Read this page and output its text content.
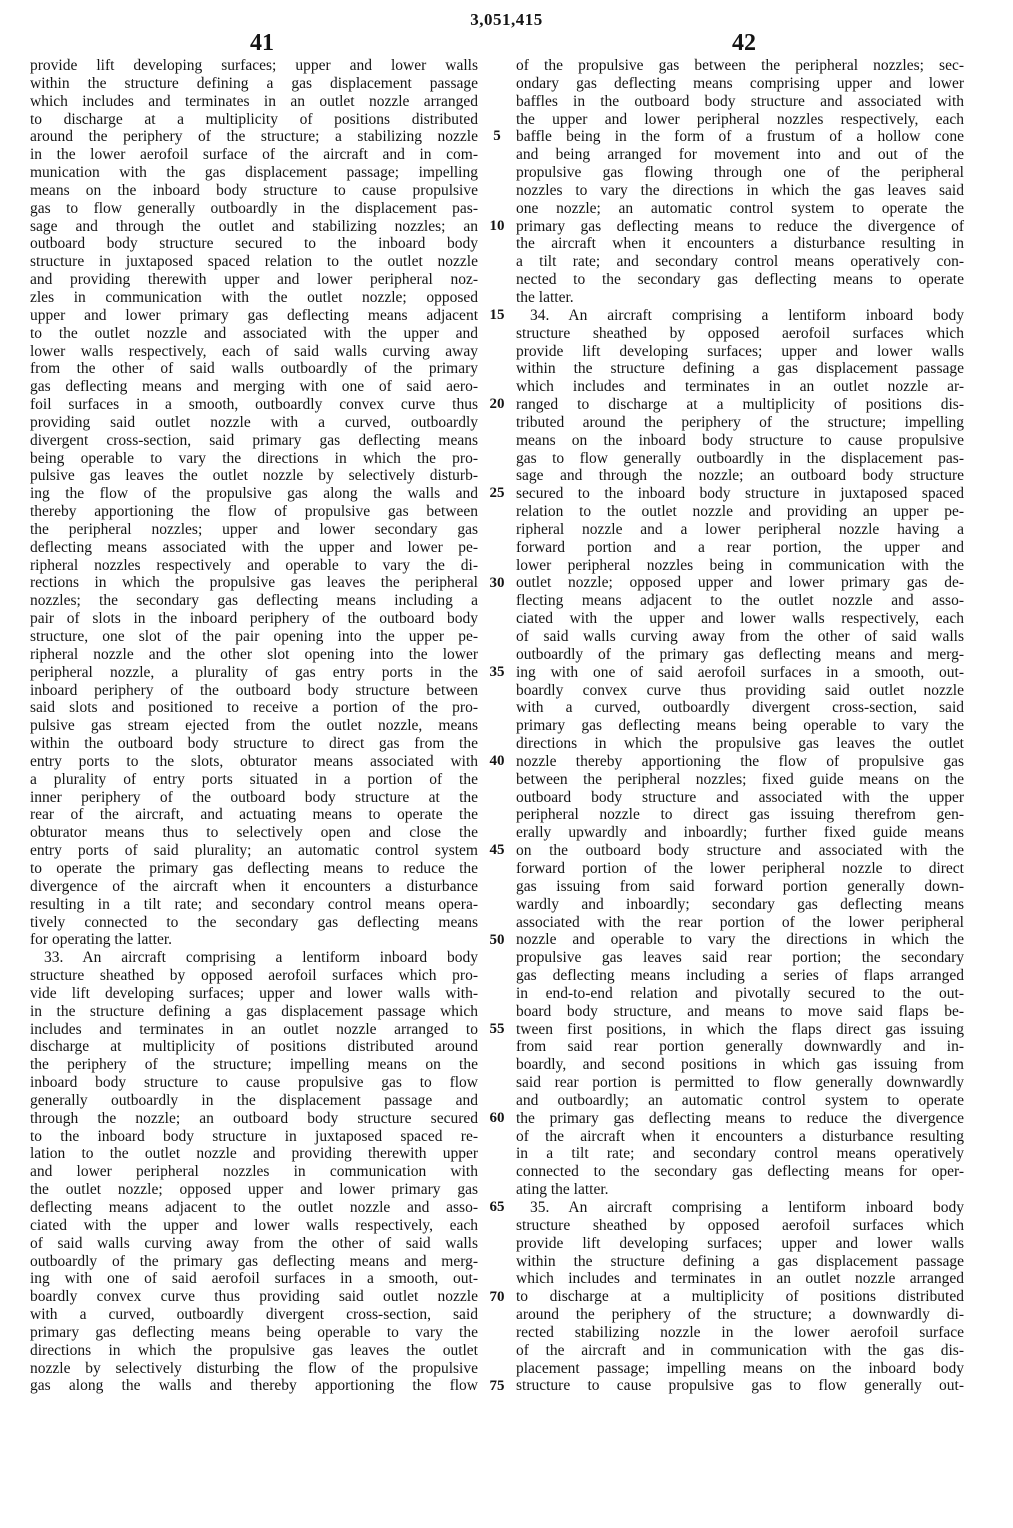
3,051,415
41	42
provide lift developing surfaces; upper and lower walls
within the structure defining a gas displacement passage
which includes and terminates in an outlet nozzle arranged
to discharge at a multiplicity of positions distributed
around the periphery of the structure; a stabilizing nozzle
in the lower aerofoil surface of the aircraft and in com-
munication with the gas displacement passage; impelling
means on the inboard body structure to cause propulsive
gas to flow generally outboardly in the displacement pas-
sage and through the outlet and stabilizing nozzles; an
outboard body structure secured to the inboard body
structure in juxtaposed spaced relation to the outlet nozzle
and providing therewith upper and lower peripheral noz-
zles in communication with the outlet nozzle; opposed
upper and lower primary gas deflecting means adjacent
to the outlet nozzle and associated with the upper and
lower walls respectively, each of said walls curving away
from the other of said walls outboardly of the primary
gas deflecting means and merging with one of said aero-
foil surfaces in a smooth, outboardly convex curve thus
providing said outlet nozzle with a curved, outboardly
divergent cross-section, said primary gas deflecting means
being operable to vary the directions in which the pro-
pulsive gas leaves the outlet nozzle by selectively disturb-
ing the flow of the propulsive gas along the walls and
thereby apportioning the flow of propulsive gas between
the peripheral nozzles; upper and lower secondary gas
deflecting means associated with the upper and lower pe-
ripheral nozzles respectively and operable to vary the di-
rections in which the propulsive gas leaves the peripheral
nozzles; the secondary gas deflecting means including a
pair of slots in the inboard periphery of the outboard body
structure, one slot of the pair opening into the upper pe-
ripheral nozzle and the other slot opening into the lower
peripheral nozzle, a plurality of gas entry ports in the
inboard periphery of the outboard body structure between
said slots and positioned to receive a portion of the pro-
pulsive gas stream ejected from the outlet nozzle, means
within the outboard body structure to direct gas from the
entry ports to the slots, obturator means associated with
a plurality of entry ports situated in a portion of the
inner periphery of the outboard body structure at the
rear of the aircraft, and actuating means to operate the
obturator means thus to selectively open and close the
entry ports of said plurality; an automatic control system
to operate the primary gas deflecting means to reduce the
divergence of the aircraft when it encounters a disturbance
resulting in a tilt rate; and secondary control means opera-
tively connected to the secondary gas deflecting means
for operating the latter.
33. An aircraft comprising a lentiform inboard body
structure sheathed by opposed aerofoil surfaces which pro-
vide lift developing surfaces; upper and lower walls with-
in the structure defining a gas displacement passage which
includes and terminates in an outlet nozzle arranged to
discharge at multiplicity of positions distributed around
the periphery of the structure; impelling means on the
inboard body structure to cause propulsive gas to flow
generally outboardly in the displacement passage and
through the nozzle; an outboard body structure secured
to the inboard body structure in juxtaposed spaced re-
lation to the outlet nozzle and providing therewith upper
and lower peripheral nozzles in communication with
the outlet nozzle; opposed upper and lower primary gas
deflecting means adjacent to the outlet nozzle and asso-
ciated with the upper and lower walls respectively, each
of said walls curving away from the other of said walls
outboardly of the primary gas deflecting means and merg-
ing with one of said aerofoil surfaces in a smooth, out-
boardly convex curve thus providing said outlet nozzle
with a curved, outboardly divergent cross-section, said
primary gas deflecting means being operable to vary the
directions in which the propulsive gas leaves the outlet
nozzle by selectively disturbing the flow of the propulsive
gas along the walls and thereby apportioning the flow
5
10
15
20
25
30
35
40
45
50
55
60
65
70
75
of the propulsive gas between the peripheral nozzles; sec-
ondary gas deflecting means comprising upper and lower
baffles in the outboard body structure and associated with
the upper and lower peripheral nozzles respectively, each
baffle being in the form of a frustum of a hollow cone
and being arranged for movement into and out of the
propulsive gas flowing through one of the peripheral
nozzles to vary the directions in which the gas leaves said
one nozzle; an automatic control system to operate the
primary gas deflecting means to reduce the divergence of
the aircraft when it encounters a disturbance resulting in
a tilt rate; and secondary control means operatively con-
nected to the secondary gas deflecting means to operate
the latter.
34. An aircraft comprising a lentiform inboard body
structure sheathed by opposed aerofoil surfaces which
provide lift developing surfaces; upper and lower walls
within the structure defining a gas displacement passage
which includes and terminates in an outlet nozzle ar-
ranged to discharge at a multiplicity of positions dis-
tributed around the periphery of the structure; impelling
means on the inboard body structure to cause propulsive
gas to flow generally outboardly in the displacement pas-
sage and through the nozzle; an outboard body structure
secured to the inboard body structure in juxtaposed spaced
relation to the outlet nozzle and providing an upper pe-
ripheral nozzle and a lower peripheral nozzle having a
forward portion and a rear portion, the upper and
lower peripheral nozzles being in communication with the
outlet nozzle; opposed upper and lower primary gas de-
flecting means adjacent to the outlet nozzle and asso-
ciated with the upper and lower walls respectively, each
of said walls curving away from the other of said walls
outboardly of the primary gas deflecting means and merg-
ing with one of said aerofoil surfaces in a smooth, out-
boardly convex curve thus providing said outlet nozzle
with a curved, outboardly divergent cross-section, said
primary gas deflecting means being operable to vary the
directions in which the propulsive gas leaves the outlet
nozzle thereby apportioning the flow of propulsive gas
between the peripheral nozzles; fixed guide means on the
outboard body structure and associated with the upper
peripheral nozzle to direct gas issuing therefrom gen-
erally upwardly and inboardly; further fixed guide means
on the outboard body structure and associated with the
forward portion of the lower peripheral nozzle to direct
gas issuing from said forward portion generally down-
wardly and inboardly; secondary gas deflecting means
associated with the rear portion of the lower peripheral
nozzle and operable to vary the directions in which the
propulsive gas leaves said rear portion; the secondary
gas deflecting means including a series of flaps arranged
in end-to-end relation and pivotally secured to the out-
board body structure, and means to move said flaps be-
tween first positions, in which the flaps direct gas issuing
from said rear portion generally downwardly and in-
boardly, and second positions in which gas issuing from
said rear portion is permitted to flow generally downwardly
and outboardly; an automatic control system to operate
the primary gas deflecting means to reduce the divergence
of the aircraft when it encounters a disturbance resulting
in a tilt rate; and secondary control means operatively
connected to the secondary gas deflecting means for oper-
ating the latter.
35. An aircraft comprising a lentiform inboard body
structure sheathed by opposed aerofoil surfaces which
provide lift developing surfaces; upper and lower walls
within the structure defining a gas displacement passage
which includes and terminates in an outlet nozzle arranged
to discharge at a multiplicity of positions distributed
around the periphery of the structure; a downwardly di-
rected stabilizing nozzle in the lower aerofoil surface
of the aircraft and in communication with the gas dis-
placement passage; impelling means on the inboard body
structure to cause propulsive gas to flow generally out-
